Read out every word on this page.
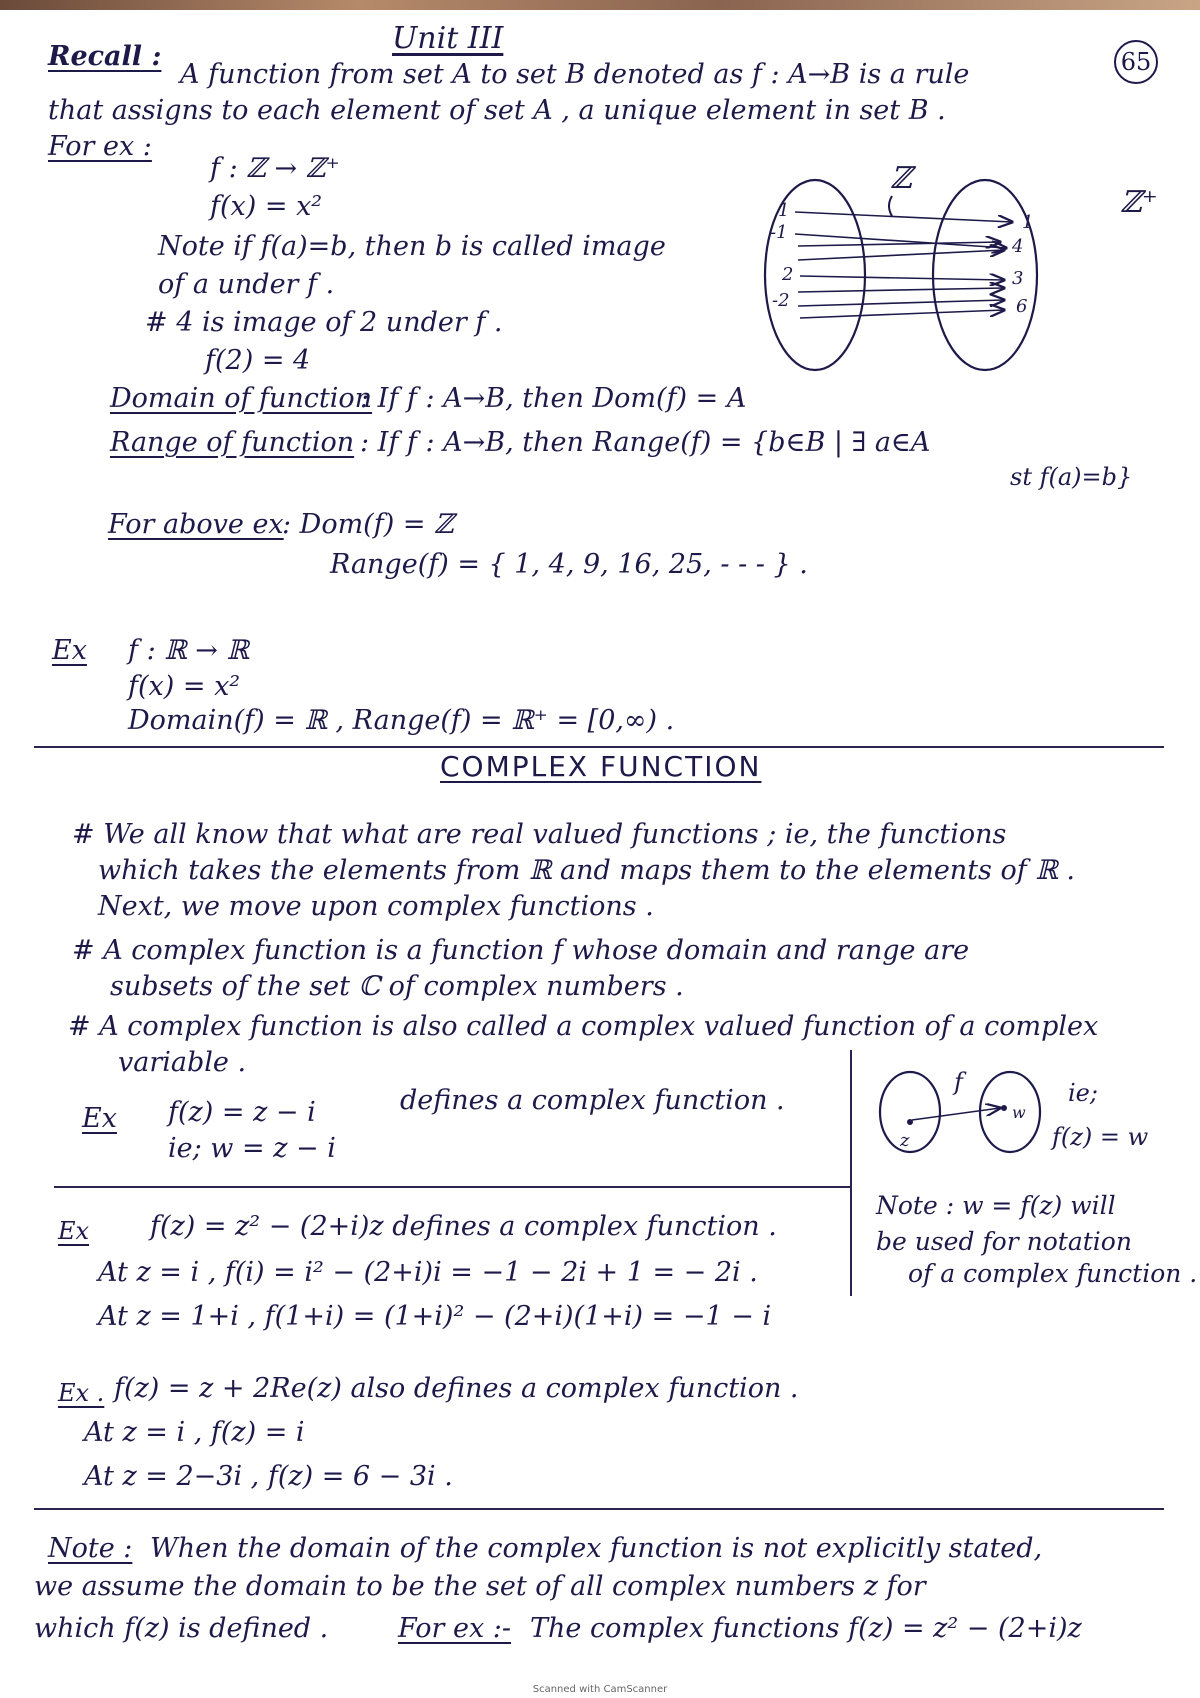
Unit III
65
Recall :
A function from set A to set B denoted as f : A→B is a rule
that assigns to each element of set A , a unique element in set B .
For ex :
f : ℤ → ℤ⁺
f(x) = x²
Note if f(a)=b, then b is called image
of a under f .
# 4 is image of 2 under f .
f(2) = 4
ℤ
ℤ⁺
1
-1
2
-2
1
4
3
6
Domain of function
: If f : A→B, then Dom(f) = A
Range of function : If f : A→B, then Range(f) = {b∈B | ∃ a∈A
st f(a)=b}
For above ex
: Dom(f) = ℤ
Range(f) = { 1, 4, 9, 16, 25, - - - } .
Ex f : ℝ → ℝ
f(x) = x²
Domain(f) = ℝ , Range(f) = ℝ⁺ = [0,∞) .
COMPLEX FUNCTION
# We all know that what are real valued functions ; ie, the functions
which takes the elements from ℝ and maps them to the elements of ℝ .
Next, we move upon complex functions .
# A complex function is a function f whose domain and range are
subsets of the set ℂ of complex numbers .
# A complex function is also called a complex valued function of a complex
variable .
Ex f(z) = z − i	defines a complex function .
ie; w = z − i
f
z
w
ie;
f(z) = w
Note : w = f(z) will
be used for notation
of a complex function .
Ex f(z) = z² − (2+i)z defines a complex function .
At z = i , f(i) = i² − (2+i)i = −1 − 2i + 1 = − 2i .
At z = 1+i , f(1+i) = (1+i)² − (2+i)(1+i) = −1 − i
Ex . f(z) = z + 2Re(z) also defines a complex function .
At z = i , f(z) = i
At z = 2−3i , f(z) = 6 − 3i .
Note : When the domain of the complex function is not explicitly stated,
we assume the domain to be the set of all complex numbers z for
which f(z) is defined .	For ex :- The complex functions f(z) = z² − (2+i)z
Scanned with CamScanner
